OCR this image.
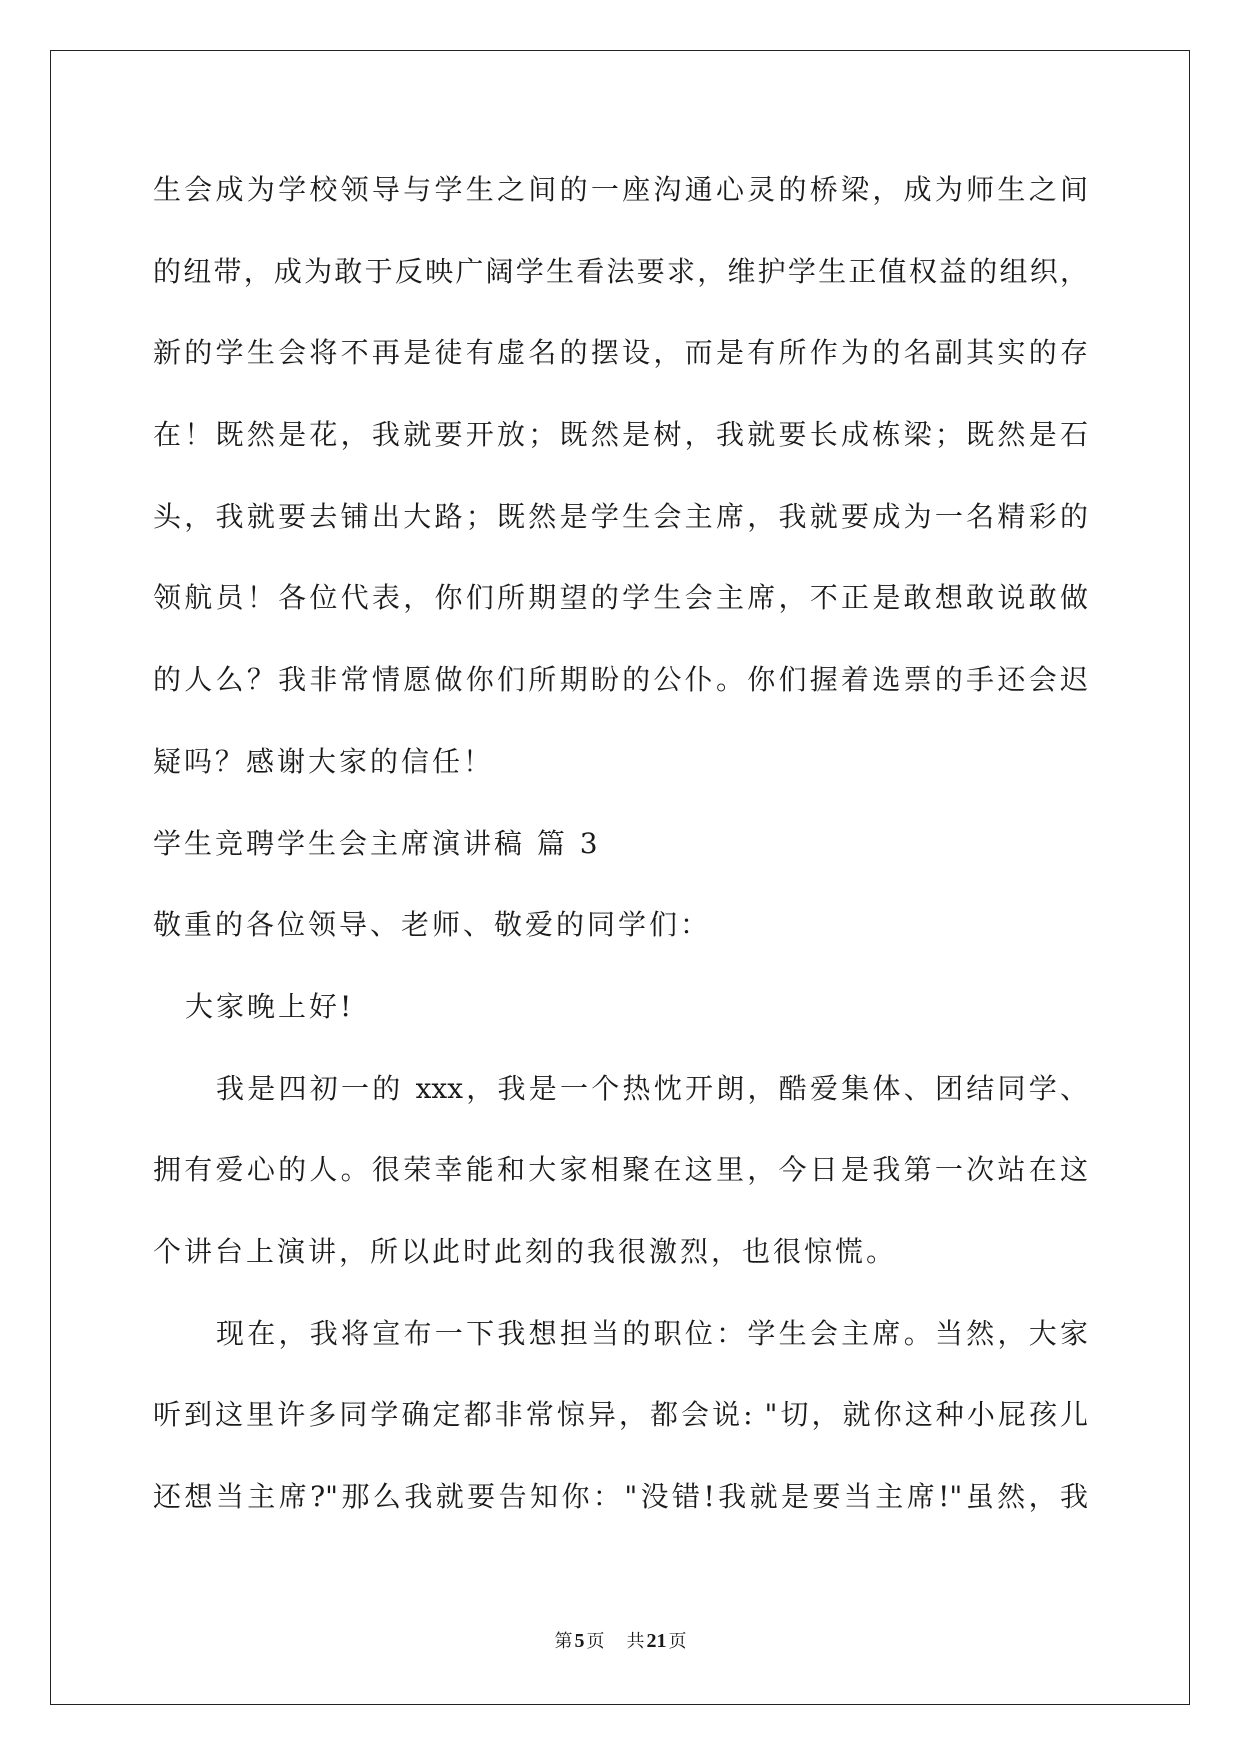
生会成为学校领导与学生之间的一座沟通心灵的桥梁，成为师生之间
的纽带，成为敢于反映广阔学生看法要求，维护学生正值权益的组织，
新的学生会将不再是徒有虚名的摆设，而是有所作为的名副其实的存
在！既然是花，我就要开放；既然是树，我就要长成栋梁；既然是石
头，我就要去铺出大路；既然是学生会主席，我就要成为一名精彩的
领航员！各位代表，你们所期望的学生会主席，不正是敢想敢说敢做
的人么？我非常情愿做你们所期盼的公仆。你们握着选票的手还会迟
疑吗？感谢大家的信任！
学生竞聘学生会主席演讲稿 篇 3
敬重的各位领导、老师、敬爱的同学们：
大家晚上好!
我是四初一的 xxx，我是一个热忱开朗，酷爱集体、团结同学、
拥有爱心的人。很荣幸能和大家相聚在这里，今日是我第一次站在这
个讲台上演讲，所以此时此刻的我很激烈，也很惊慌。
现在，我将宣布一下我想担当的职位：学生会主席。当然，大家
听到这里许多同学确定都非常惊异，都会说: "切，就你这种小屁孩儿
还想当主席?"那么我就要告知你："没错!我就是要当主席!"虽然，我
第 5 页 共 21 页
